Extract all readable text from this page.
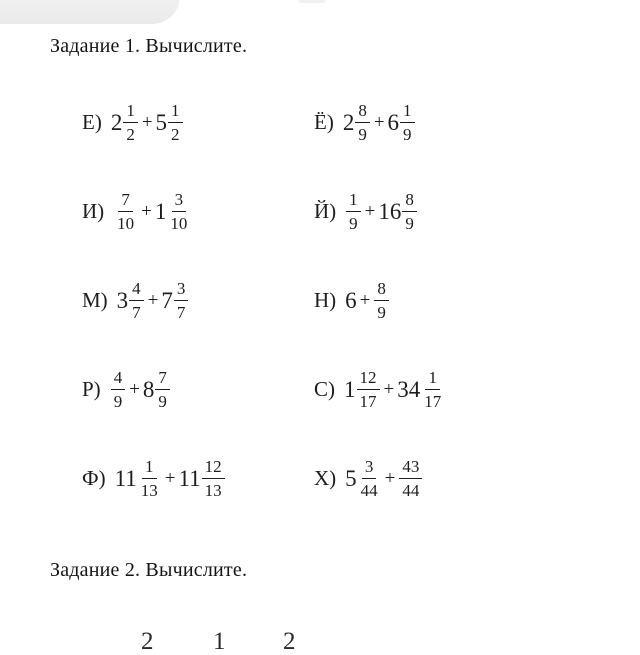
Задание 1. Вычислите.
Е) $2 \frac{1}{2} + 5 \frac{1}{2}$	Ё) $2 \frac{8}{9} + 6 \frac{1}{9}$
$И) \frac{7}{10} + 1 \frac{3}{10}$	$Й) \frac{1}{9} + 16 \frac{8}{9}$
М) $3 \frac{4}{7} + 7 \frac{3}{7}$	Н) $6 + \frac{8}{9}$
$Р) \frac{4}{9} + 8 \frac{7}{9}$	С) $1 \frac{12}{17} + 34 \frac{1}{17}$
Ф) $11 \frac{1}{13} + 11 \frac{12}{13}$	Х) $5 \frac{3}{44} + \frac{43}{44}$
Задание 2. Вычислите.
2 1 2
